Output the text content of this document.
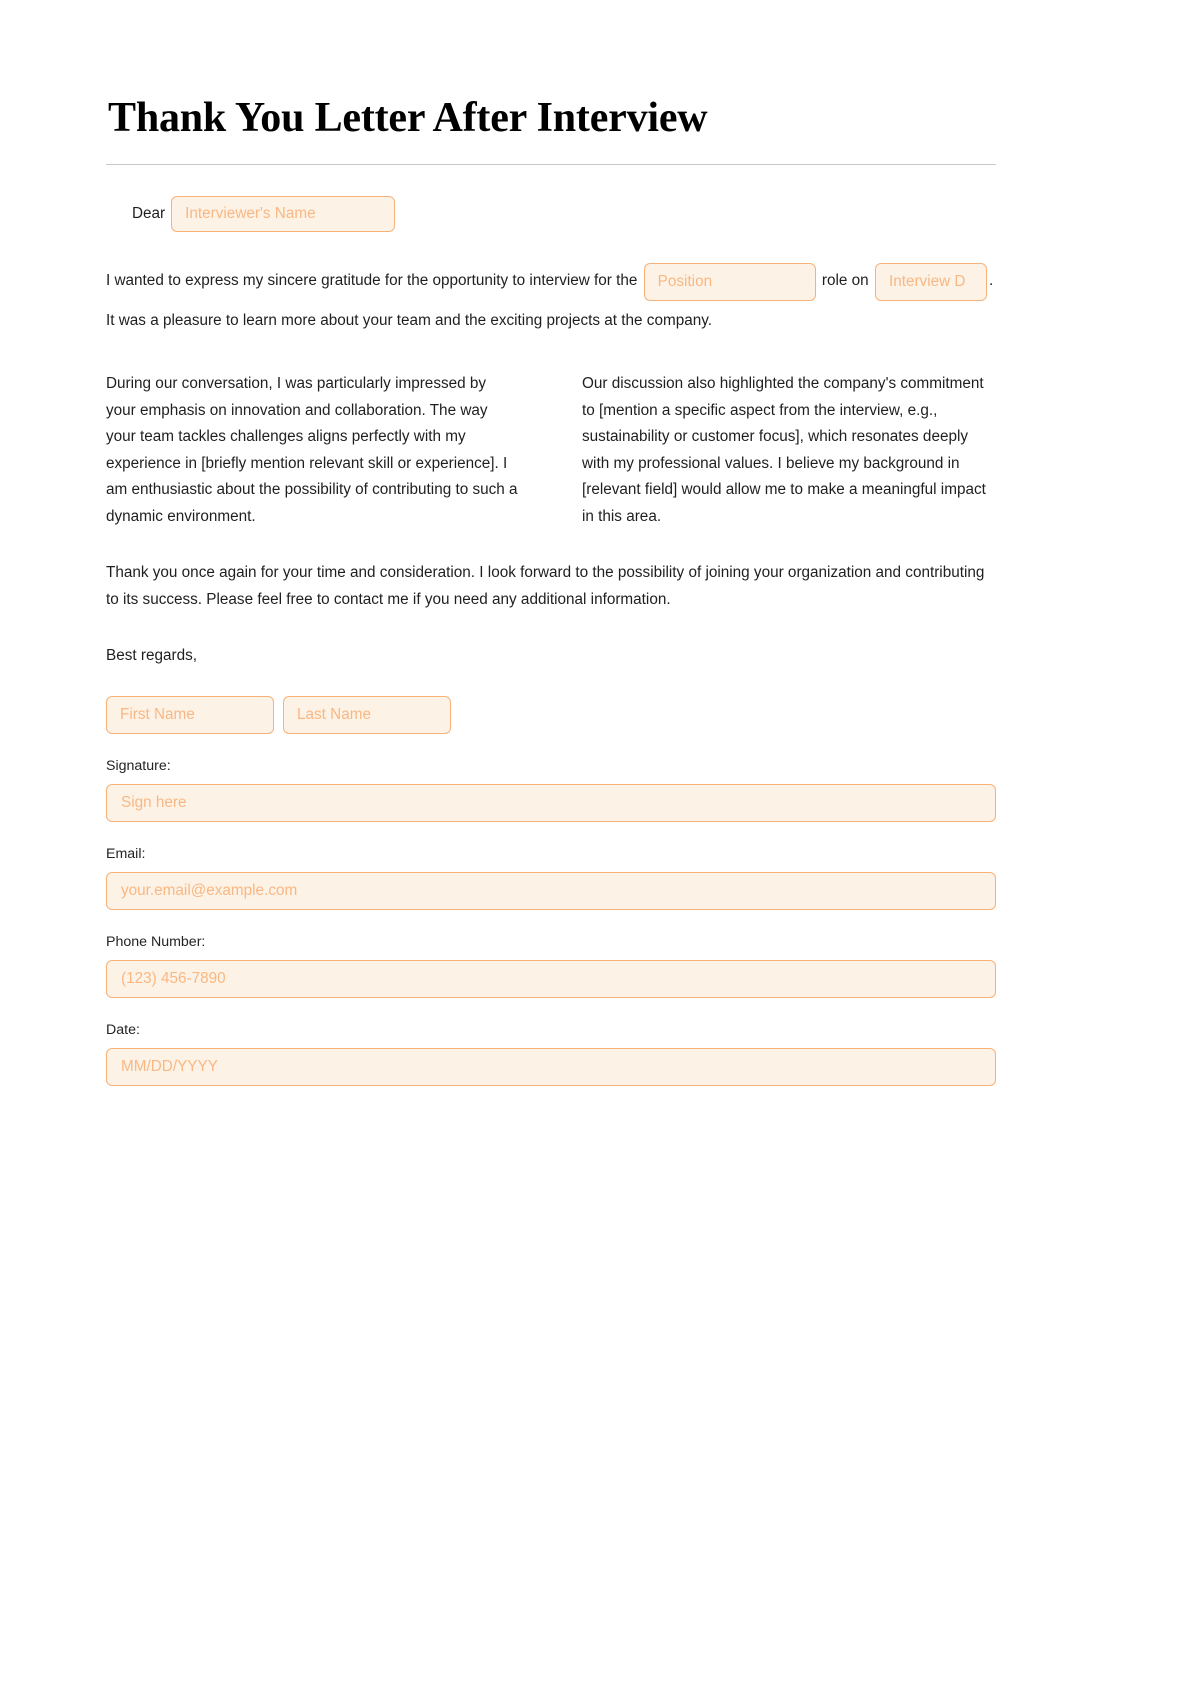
Thank You Letter After Interview
Dear	Interviewer's Name
I wanted to express my sincere gratitude for the opportunity to interview for the Position	role on Interview D . It was a pleasure to learn more about your team and the exciting projects at the company.
During our conversation, I was particularly impressed by your emphasis on innovation and collaboration. The way your team tackles challenges aligns perfectly with my experience in [briefly mention relevant skill or experience]. I am enthusiastic about the possibility of contributing to such a dynamic environment.
Our discussion also highlighted the company's commitment to [mention a specific aspect from the interview, e.g., sustainability or customer focus], which resonates deeply with my professional values. I believe my background in [relevant field] would allow me to make a meaningful impact in this area.

Thank you once again for your time and consideration. I look forward to the possibility of joining your organization and contributing to its success. Please feel free to contact me if you need any additional information.

Best regards,

First Name	Last Name
Signature:
Sign here
Email:
your.email@example.com
Phone Number:
(123) 456-7890
Date:
MM/DD/YYYY
